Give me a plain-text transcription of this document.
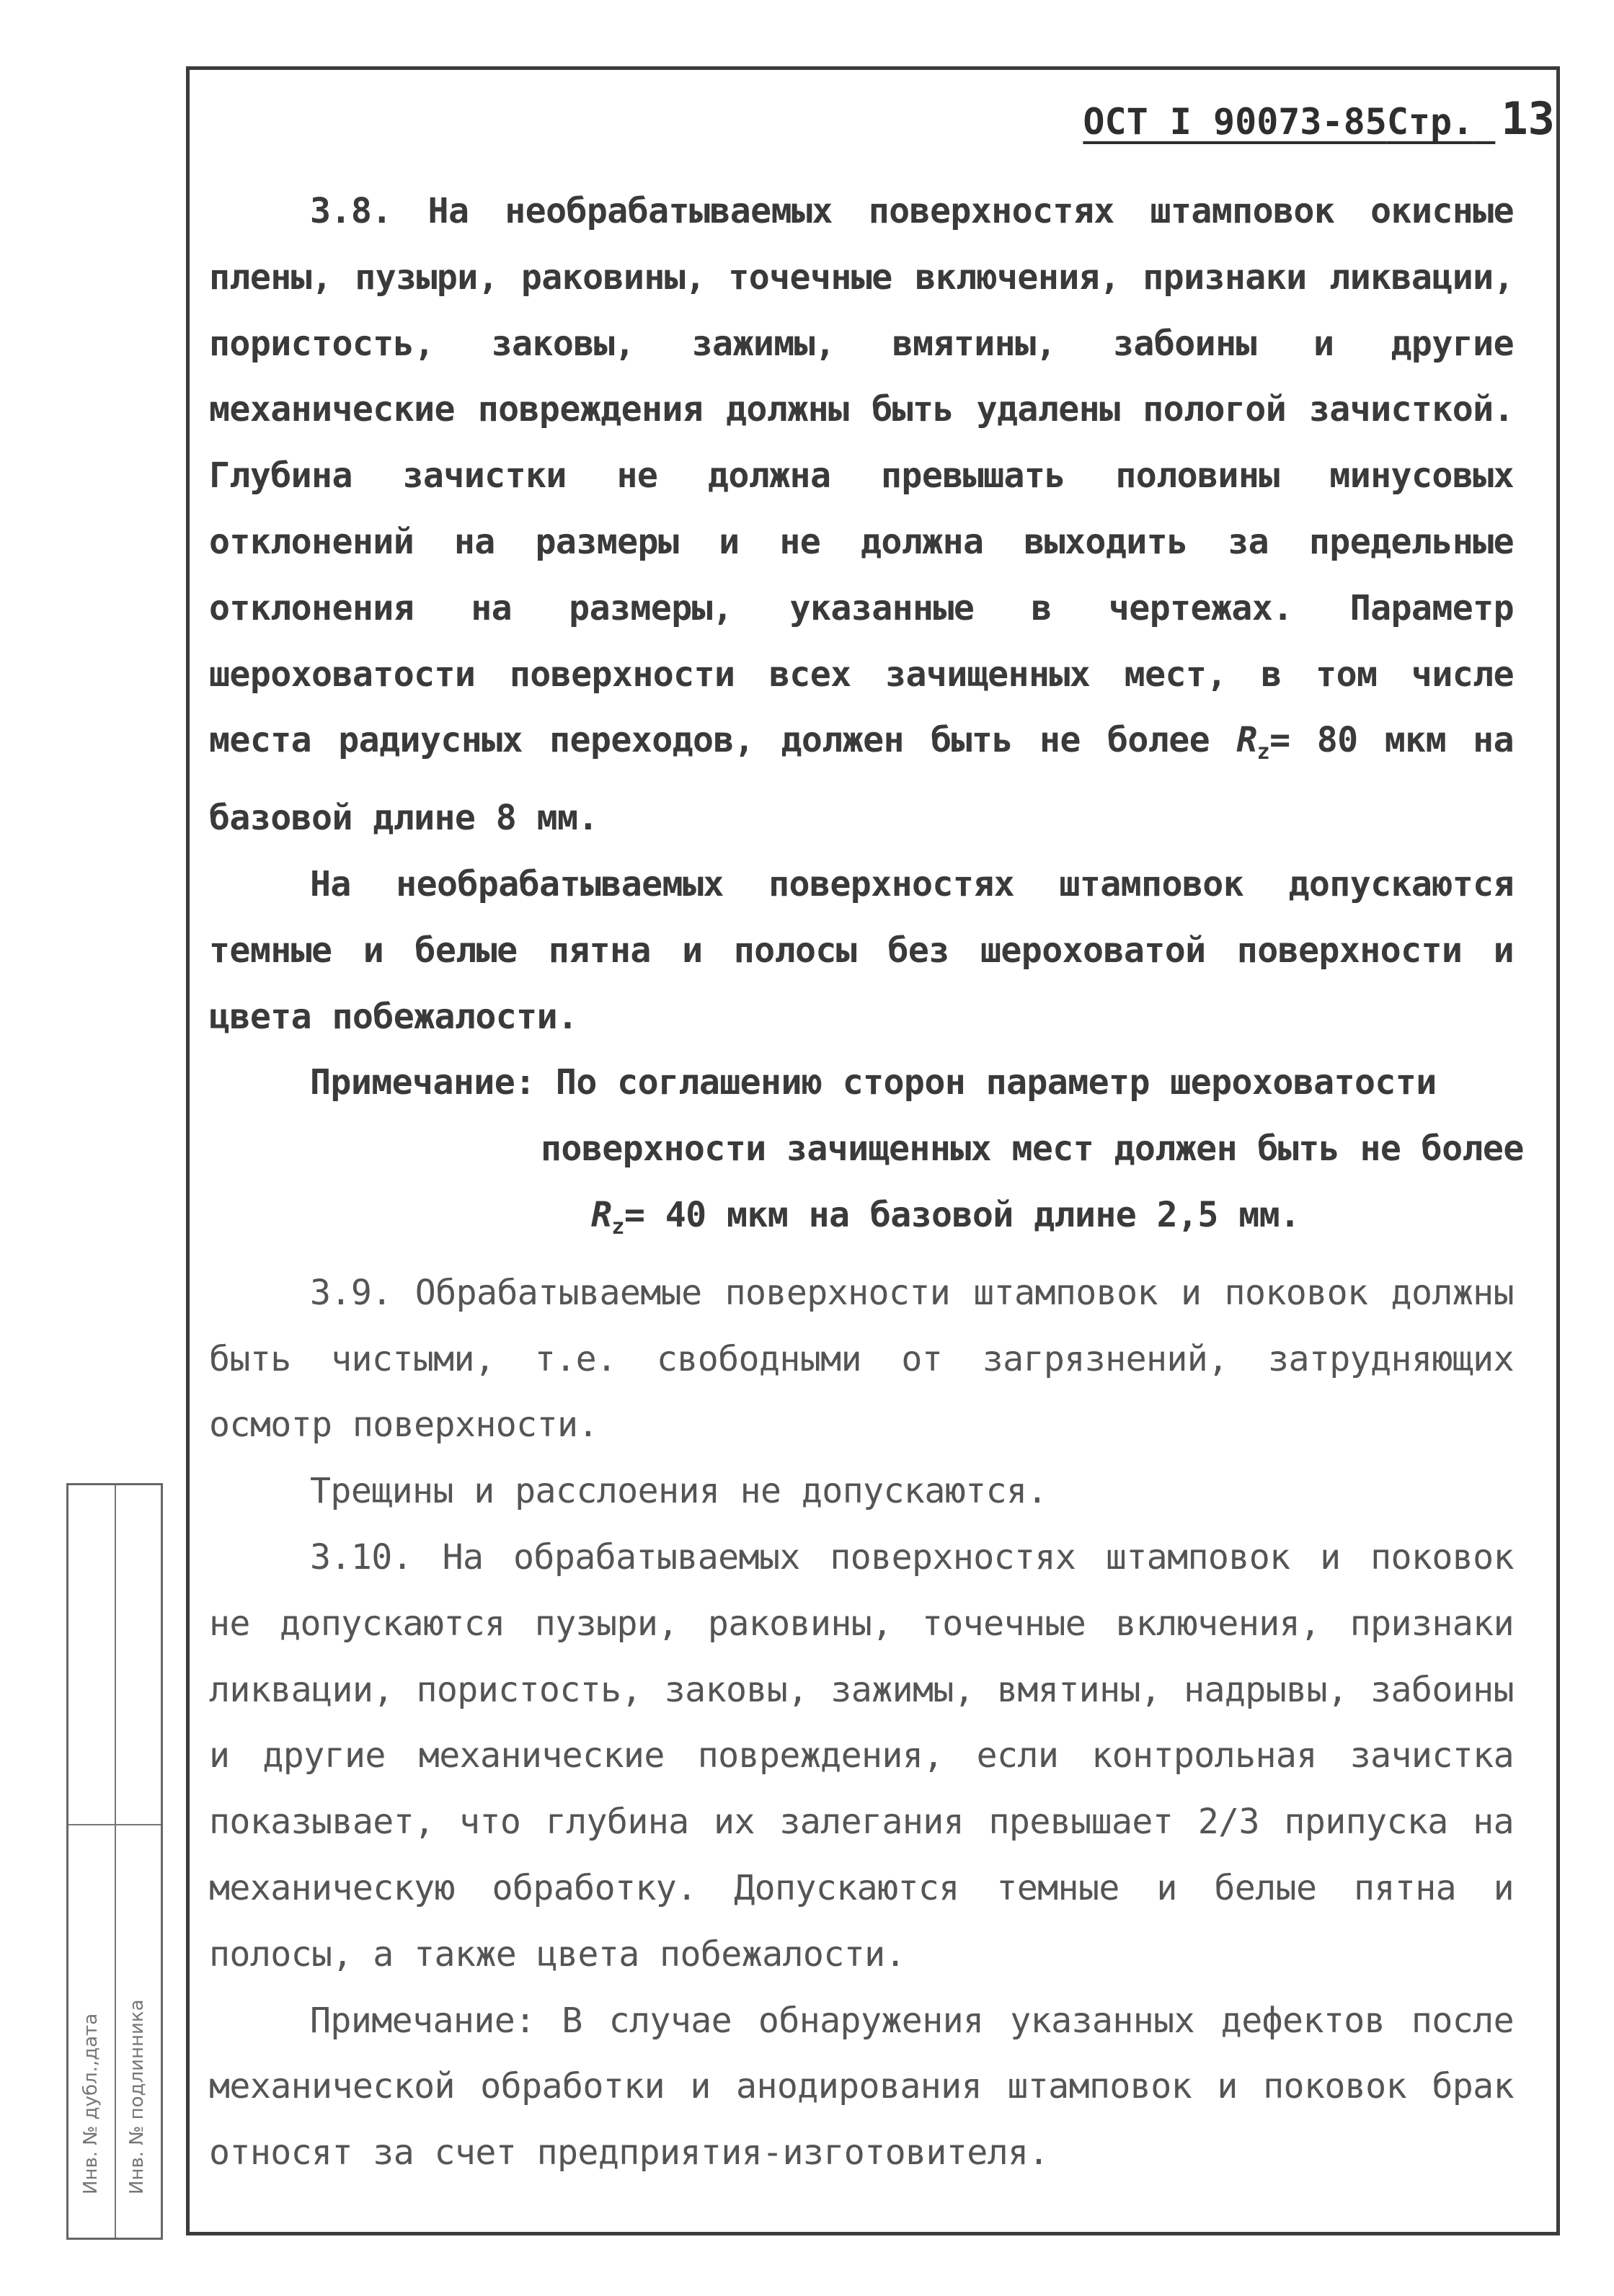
ОСТ I 90073-85Стр. 13

3.8. На необрабатываемых поверхностях штамповок окисные плены, пузыри, раковины, точечные включения, признаки ликвации, пористость, заковы, зажимы, вмятины, забоины и другие механические повреждения должны быть удалены пологой зачисткой. Глубина зачистки не должна превышать половины минусовых отклонений на размеры и не должна выходить за предельные отклонения на размеры, указанные в чертежах. Параметр шероховатости поверхности всех зачищенных мест, в том числе места радиусных переходов, должен быть не более $R_z= 80$ мкм на базовой длине 8 мм.

На необрабатываемых поверхностях штамповок допускаются темные и белые пятна и полосы без шероховатой поверхности и цвета побежалости.

Примечание: По соглашению сторон параметр шероховатости
поверхности зачищенных мест должен быть не более
$R_z= 40$ мкм на базовой длине 2,5 мм.

3.9. Обрабатываемые поверхности штамповок и поковок должны быть чистыми, т.е. свободными от загрязнений, затрудняющих осмотр поверхности.

Трещины и расслоения не допускаются.

3.10. На обрабатываемых поверхностях штамповок и поковок не допускаются пузыри, раковины, точечные включения, признаки ликвации, пористость, заковы, зажимы, вмятины, надрывы, забоины и другие механические повреждения, если контрольная зачистка показывает, что глубина их залегания превышает 2/3 припуска на механическую обработку. Допускаются темные и белые пятна и полосы, а также цвета побежалости.

Примечание: В случае обнаружения указанных дефектов после механической обработки и анодирования штамповок и поковок брак относят за счет предприятия-изготовителя.

Инв. № дубл.,дата Инв. № подлинника
